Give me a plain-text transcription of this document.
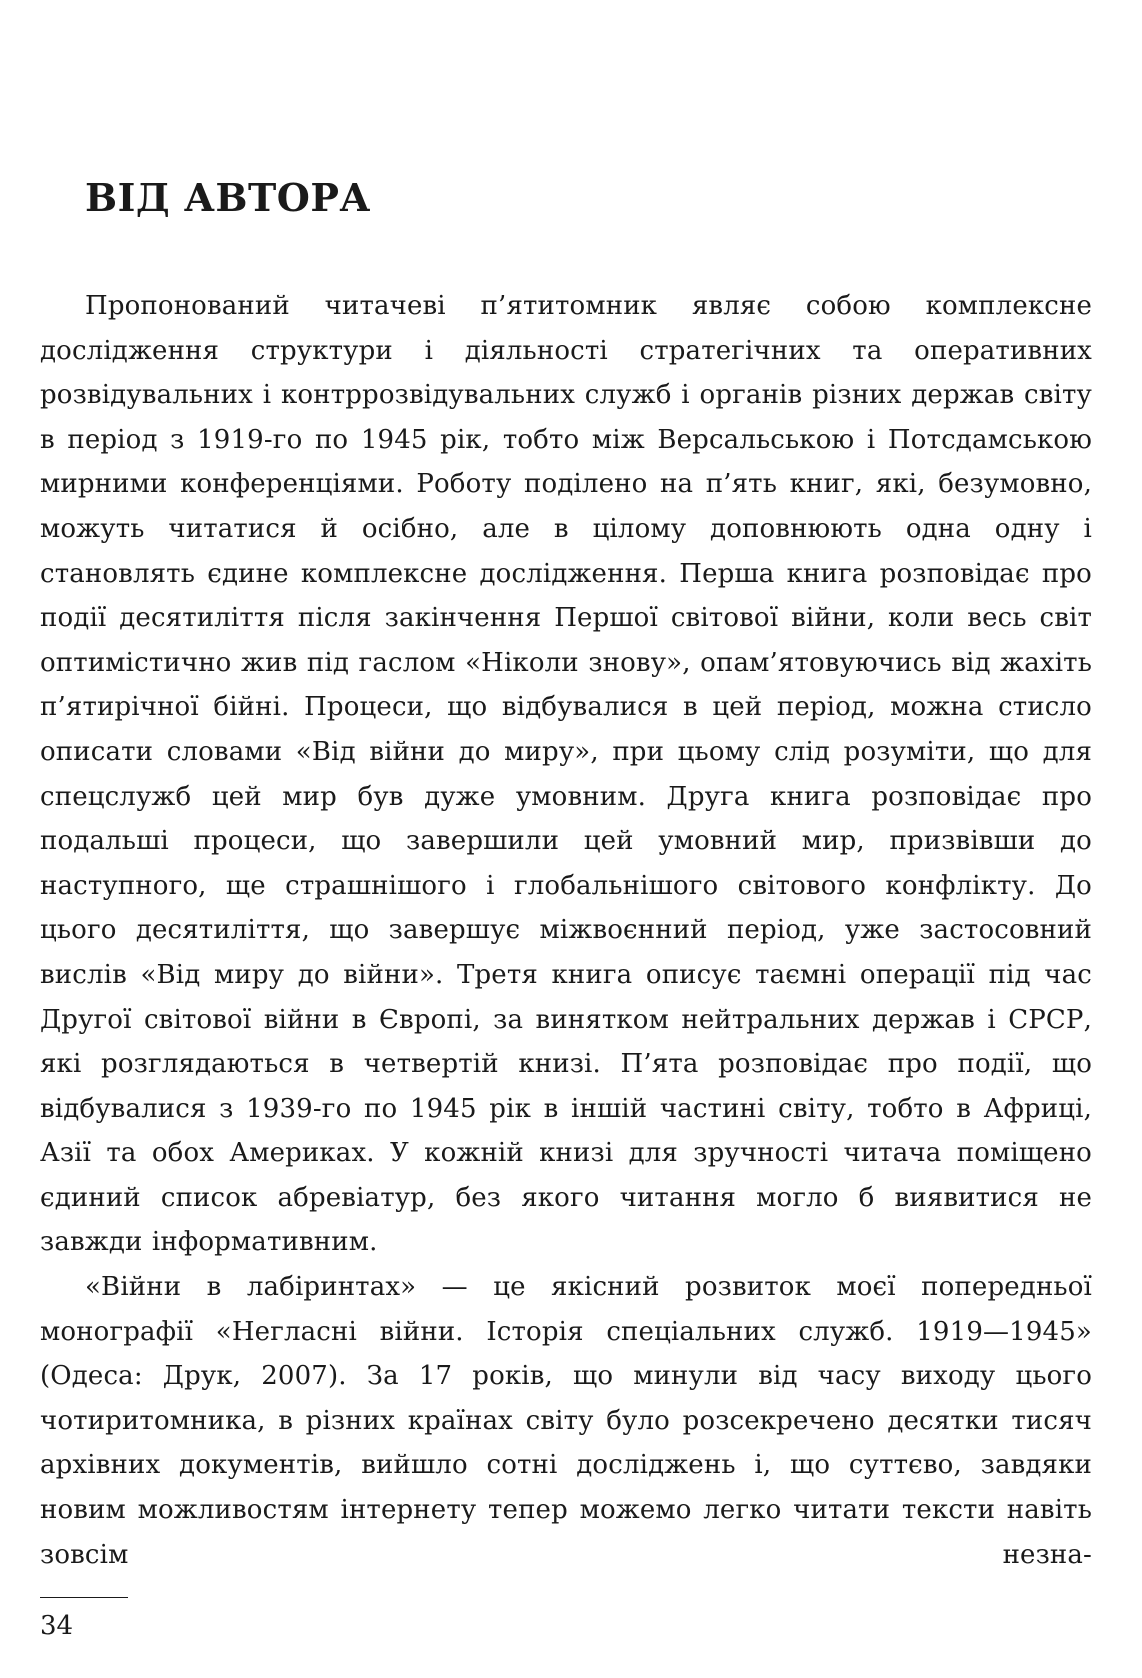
ВІД АВТОРА

Пропонований читачеві п’ятитомник являє собою комплексне дослідження структури і діяльності стратегічних та оперативних розвідувальних і контррозвідувальних служб і органів різних держав світу в період з 1919-го по 1945 рік, тобто між Версальською і Потсдамською мирними конференціями. Роботу поділено на п’ять книг, які, безумовно, можуть читатися й осібно, але в цілому доповнюють одна одну і становлять єдине комплексне дослідження. Перша книга розповідає про події десятиліття після закінчення Першої світової війни, коли весь світ оптимістично жив під гаслом «Ніколи знову», опам’ятовуючись від жахіть п’ятирічної бійні. Процеси, що відбувалися в цей період, можна стисло описати словами «Від війни до миру», при цьому слід розуміти, що для спецслужб цей мир був дуже умовним. Друга книга розповідає про подальші процеси, що завершили цей умовний мир, призвівши до наступного, ще страшнішого і глобальнішого світового конфлікту. До цього десятиліття, що завершує міжвоєнний період, уже застосовний вислів «Від миру до війни». Третя книга описує таємні операції під час Другої світової війни в Європі, за винятком нейтральних держав і СРСР, які розглядаються в четвертій книзі. П’ята розповідає про події, що відбувалися з 1939-го по 1945 рік в іншій частині світу, тобто в Африці, Азії та обох Америках. У кожній книзі для зручності читача поміщено єдиний список абревіатур, без якого читання могло б виявитися не завжди інформативним.

«Війни в лабіринтах» — це якісний розвиток моєї попередньої монографії «Негласні війни. Історія спеціальних служб. 1919—1945» (Одеса: Друк, 2007). За 17 років, що минули від часу виходу цього чотиритомника, в різних країнах світу було розсекречено десятки тисяч архівних документів, вийшло сотні досліджень і, що суттєво, завдяки новим можливостям інтернету тепер можемо легко читати тексти навіть зовсім незна-

34
